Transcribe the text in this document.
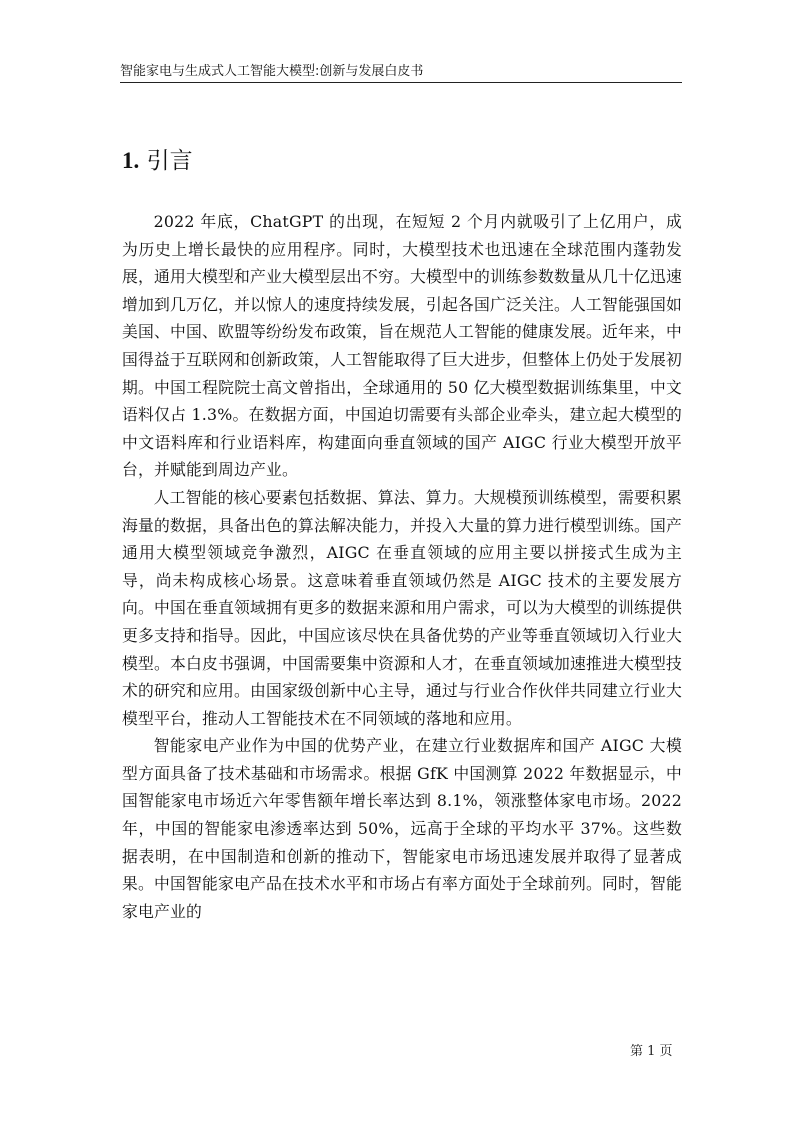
智能家电与生成式人工智能大模型:创新与发展白皮书
1. 引言

2022 年底，ChatGPT 的出现，在短短 2 个月内就吸引了上亿用户，成为历史上增长最快的应用程序。同时，大模型技术也迅速在全球范围内蓬勃发展，通用大模型和产业大模型层出不穷。大模型中的训练参数数量从几十亿迅速增加到几万亿，并以惊人的速度持续发展，引起各国广泛关注。人工智能强国如美国、中国、欧盟等纷纷发布政策，旨在规范人工智能的健康发展。近年来，中国得益于互联网和创新政策，人工智能取得了巨大进步，但整体上仍处于发展初期。中国工程院院士高文曾指出，全球通用的 50 亿大模型数据训练集里，中文语料仅占 1.3%。在数据方面，中国迫切需要有头部企业牵头，建立起大模型的中文语料库和行业语料库，构建面向垂直领域的国产 AIGC 行业大模型开放平台，并赋能到周边产业。

人工智能的核心要素包括数据、算法、算力。大规模预训练模型，需要积累海量的数据，具备出色的算法解决能力，并投入大量的算力进行模型训练。国产通用大模型领域竞争激烈，AIGC 在垂直领域的应用主要以拼接式生成为主导，尚未构成核心场景。这意味着垂直领域仍然是 AIGC 技术的主要发展方向。中国在垂直领域拥有更多的数据来源和用户需求，可以为大模型的训练提供更多支持和指导。因此，中国应该尽快在具备优势的产业等垂直领域切入行业大模型。本白皮书强调，中国需要集中资源和人才，在垂直领域加速推进大模型技术的研究和应用。由国家级创新中心主导，通过与行业合作伙伴共同建立行业大模型平台，推动人工智能技术在不同领域的落地和应用。

智能家电产业作为中国的优势产业，在建立行业数据库和国产 AIGC 大模型方面具备了技术基础和市场需求。根据 GfK 中国测算 2022 年数据显示，中国智能家电市场近六年零售额年增长率达到 8.1%，领涨整体家电市场。2022 年，中国的智能家电渗透率达到 50%，远高于全球的平均水平 37%。这些数据表明，在中国制造和创新的推动下，智能家电市场迅速发展并取得了显著成果。中国智能家电产品在技术水平和市场占有率方面处于全球前列。同时，智能家电产业的

第 1 页
